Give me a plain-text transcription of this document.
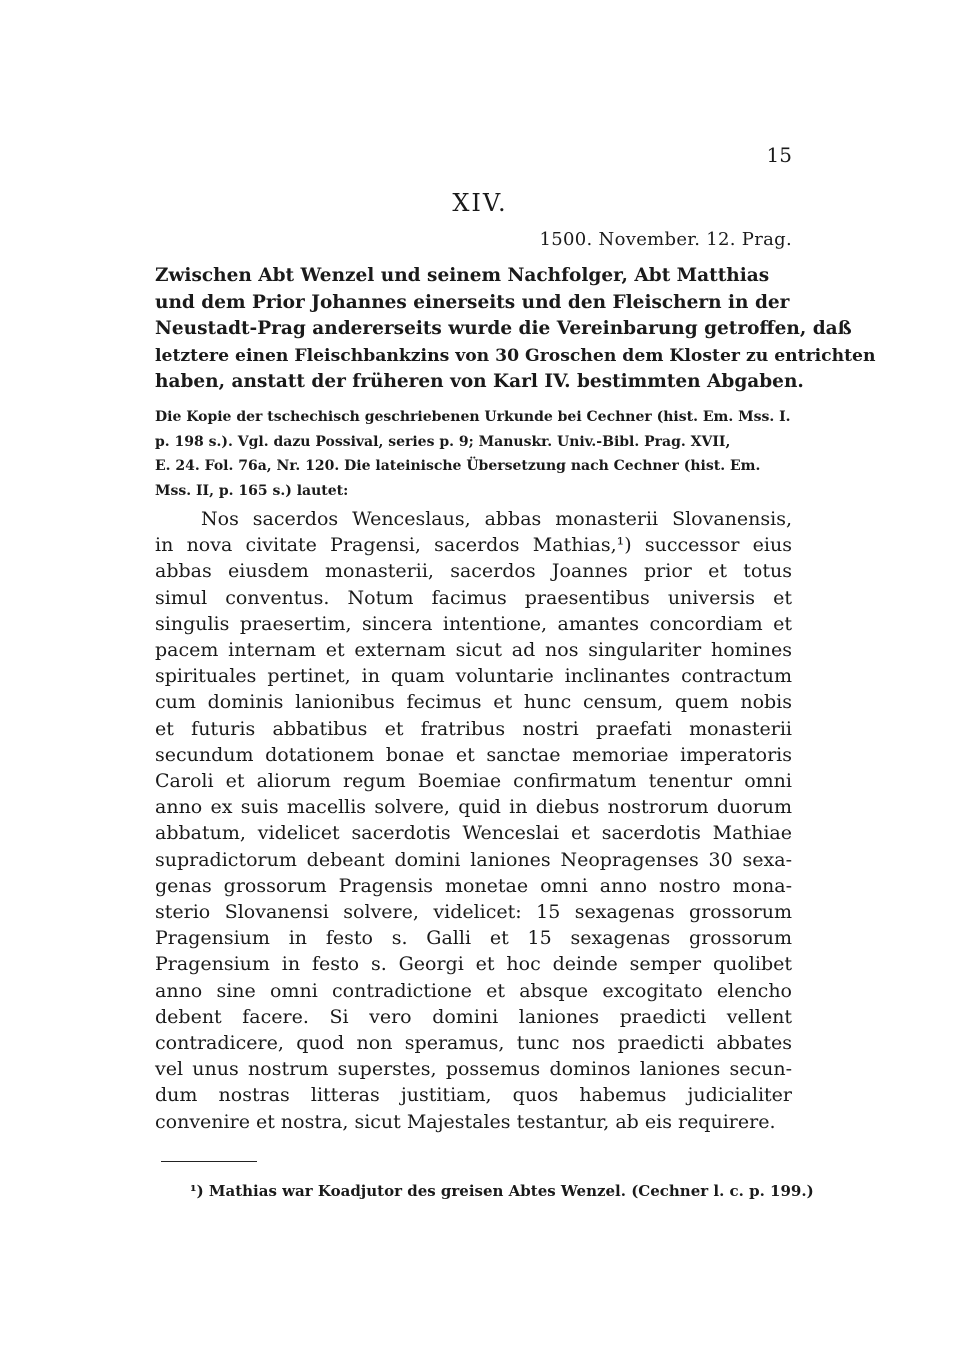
15
XIV.
1500. November. 12. Prag.

Zwischen Abt Wenzel und seinem Nachfolger, Abt Matthias
und dem Prior Johannes einerseits und den Fleischern in der
Neustadt-Prag andererseits wurde die Vereinbarung getroffen, daß
letztere einen Fleischbankzins von 30 Groschen dem Kloster zu entrichten
haben, anstatt der früheren von Karl IV. bestimmten Abgaben.

Die Kopie der tschechisch geschriebenen Urkunde bei Cechner (hist. Em. Mss. I.
p. 198 s.). Vgl. dazu Possival, series p. 9; Manuskr. Univ.-Bibl. Prag. XVII,
E. 24. Fol. 76a, Nr. 120. Die lateinische Übersetzung nach Cechner (hist. Em.
Mss. II, p. 165 s.) lautet:

Nos sacerdos Wenceslaus, abbas monasterii Slovanensis,
in nova civitate Pragensi, sacerdos Mathias,¹) successor eius
abbas eiusdem monasterii, sacerdos Joannes prior et totus
simul conventus. Notum facimus praesentibus universis et
singulis praesertim, sincera intentione, amantes concordiam et
pacem internam et externam sicut ad nos singulariter homines
spirituales pertinet, in quam voluntarie inclinantes contractum
cum dominis lanionibus fecimus et hunc censum, quem nobis
et futuris abbatibus et fratribus nostri praefati monasterii
secundum dotationem bonae et sanctae memoriae imperatoris
Caroli et aliorum regum Boemiae confirmatum tenentur omni
anno ex suis macellis solvere, quid in diebus nostrorum duorum
abbatum, videlicet sacerdotis Wenceslai et sacerdotis Mathiae
supradictorum debeant domini laniones Neopragenses 30 sexa-
genas grossorum Pragensis monetae omni anno nostro mona-
sterio Slovanensi solvere, videlicet: 15 sexagenas grossorum
Pragensium in festo s. Galli et 15 sexagenas grossorum
Pragensium in festo s. Georgi et hoc deinde semper quolibet
anno sine omni contradictione et absque excogitato elencho
debent facere. Si vero domini laniones praedicti vellent
contradicere, quod non speramus, tunc nos praedicti abbates
vel unus nostrum superstes, possemus dominos laniones secun-
dum nostras litteras justitiam, quos habemus judicialiter
convenire et nostra, sicut Majestales testantur, ab eis requirere.

¹) Mathias war Koadjutor des greisen Abtes Wenzel. (Cechner l. c. p. 199.)
